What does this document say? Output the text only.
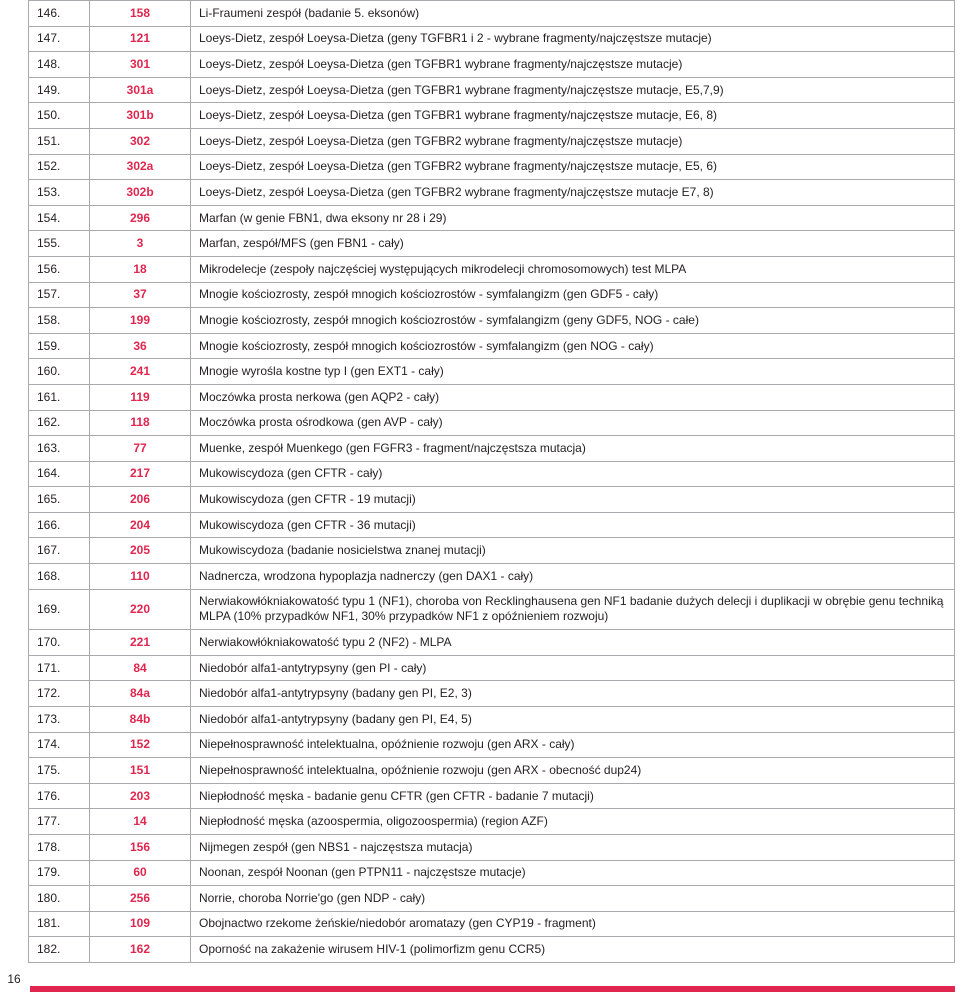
146.	158	Li-Fraumeni zespół (badanie 5. eksonów)
147.	121	Loeys-Dietz, zespół Loeysa-Dietza (geny TGFBR1 i 2 - wybrane fragmenty/najczęstsze mutacje)
148.	301	Loeys-Dietz, zespół Loeysa-Dietza (gen TGFBR1 wybrane fragmenty/najczęstsze mutacje)
149.	301a	Loeys-Dietz, zespół Loeysa-Dietza (gen TGFBR1 wybrane fragmenty/najczęstsze mutacje, E5,7,9)
150.	301b	Loeys-Dietz, zespół Loeysa-Dietza (gen TGFBR1 wybrane fragmenty/najczęstsze mutacje, E6, 8)
151.	302	Loeys-Dietz, zespół Loeysa-Dietza (gen TGFBR2 wybrane fragmenty/najczęstsze mutacje)
152.	302a	Loeys-Dietz, zespół Loeysa-Dietza (gen TGFBR2 wybrane fragmenty/najczęstsze mutacje, E5, 6)
153.	302b	Loeys-Dietz, zespół Loeysa-Dietza (gen TGFBR2 wybrane fragmenty/najczęstsze mutacje E7, 8)
154.	296	Marfan (w genie FBN1, dwa eksony nr 28 i 29)
155.	3	Marfan, zespół/MFS (gen FBN1 - cały)
156.	18	Mikrodelecje (zespoły najczęściej występujących mikrodelecji chromosomowych) test MLPA
157.	37	Mnogie kościozrosty, zespół mnogich kościozrostów - symfalangizm (gen GDF5 - cały)
158.	199	Mnogie kościozrosty, zespół mnogich kościozrostów - symfalangizm (geny GDF5, NOG - całe)
159.	36	Mnogie kościozrosty, zespół mnogich kościozrostów - symfalangizm (gen NOG - cały)
160.	241	Mnogie wyrośla kostne typ I (gen EXT1 - cały)
161.	119	Moczówka prosta nerkowa (gen AQP2 - cały)
162.	118	Moczówka prosta ośrodkowa (gen AVP - cały)
163.	77	Muenke, zespół Muenkego (gen FGFR3 - fragment/najczęstsza mutacja)
164.	217	Mukowiscydoza (gen CFTR - cały)
165.	206	Mukowiscydoza (gen CFTR - 19 mutacji)
166.	204	Mukowiscydoza (gen CFTR - 36 mutacji)
167.	205	Mukowiscydoza (badanie nosicielstwa znanej mutacji)
168.	110	Nadnercza, wrodzona hypoplazja nadnerczy (gen DAX1 - cały)
169.	220	Nerwiakowłókniakowatość typu 1 (NF1), choroba von Recklinghausena gen NF1 badanie dużych delecji i duplikacji w obrębie genu techniką MLPA (10% przypadków NF1, 30% przypadków NF1 z opóźnieniem rozwoju)
170.	221	Nerwiakowłókniakowatość typu 2 (NF2) - MLPA
171.	84	Niedobór alfa1-antytrypsyny (gen PI - cały)
172.	84a	Niedobór alfa1-antytrypsyny (badany gen PI, E2, 3)
173.	84b	Niedobór alfa1-antytrypsyny (badany gen PI, E4, 5)
174.	152	Niepełnosprawność intelektualna, opóźnienie rozwoju (gen ARX - cały)
175.	151	Niepełnosprawność intelektualna, opóźnienie rozwoju (gen ARX - obecność dup24)
176.	203	Niepłodność męska - badanie genu CFTR (gen CFTR - badanie 7 mutacji)
177.	14	Niepłodność męska (azoospermia, oligozoospermia) (region AZF)
178.	156	Nijmegen zespół (gen NBS1 - najczęstsza mutacja)
179.	60	Noonan, zespół Noonan (gen PTPN11 - najczęstsze mutacje)
180.	256	Norrie, choroba Norrie'go (gen NDP - cały)
181.	109	Obojnactwo rzekome żeńskie/niedobór aromatazy (gen CYP19 - fragment)
182.	162	Oporność na zakażenie wirusem HIV-1 (polimorfizm genu CCR5)
16
